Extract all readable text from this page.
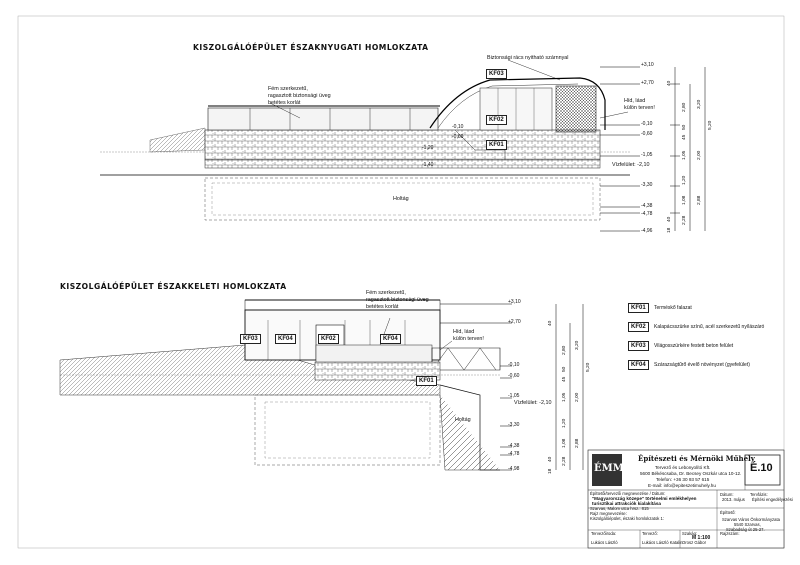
KISZOLGÁLÓÉPÜLET ÉSZAKNYUGATI HOMLOKZATA
KISZOLGÁLÓÉPÜLET ÉSZAKKELETI HOMLOKZATA
Fém szerkezetű,
ragasztott biztonsági üveg
betétes korlát
Biztonsági rács nyitható szárnnyal
Híd, lásd
külön terven!
Holtág
Vízfelület: -2,10
KF03
KF02
KF01
+3,10
+2,70
-0,10
-0,60
-1,05
-3,30
-4,38
-4,78
-4,96
-0,10
-0,60
-1,20
-1,40
40
2,80 3,20
5,20
1,05
45
50
2,00
1,20
1,08
2,28
2,88
40
18
Fém szerkezetű,
ragasztott biztonsági üveg
betétes korlát
Híd, lásd
külön terven!
Holtág
Vízfelület: -2,10
KF03	KF04	KF02	KF04
KF01
+3,10
+2,70
-0,10
-0,60
-1,05
-3,30
-4,38
-4,78
-4,98
40
2,80
3,20
5,20
1,05
45
50
2,00
1,20
1,08
2,28
2,88
40
18
KF01	Terméskő falazat
KF02	Kalapácsszürke színű, acél szerkezetű nyílászáró
KF03	Világosszürkére festett beton felület
KF04	Szárazságtűrő évelő növényzet (gyefelület)
ÉMM
Építészeti és Mérnöki Műhely
Tervező és Lebonyolító Kft.
5600 Békéscsaba, Dr. Becsey Oszkár utca 10-12.
Telefon: +36 30 93 57 615
E-mail: info@epiteszetimuhely.hu
É.10
Építtetői/tervezői megnevezése / Dátum:
"Magyarország közepe" történelmi emlékhelyen
turisztikai attrakciók kialakítása
Szarvas, Malom utca hrsz.: 815
Rajz megnevezése:
Kiszolgálóépület, északi homlokzatok 1:
Dátum:
2013. május
Tervfázis:
Építési engedélyezési
Építtető:
Szarvas Város Önkormányzata
5540 Szarvas,
Szabadság út 25-27.
Tervezőiroda:	Tervező:	Szakág:	Rajzszám:
Lukács László	Lukács László Katalin Orosz Gábor
M 1:100
